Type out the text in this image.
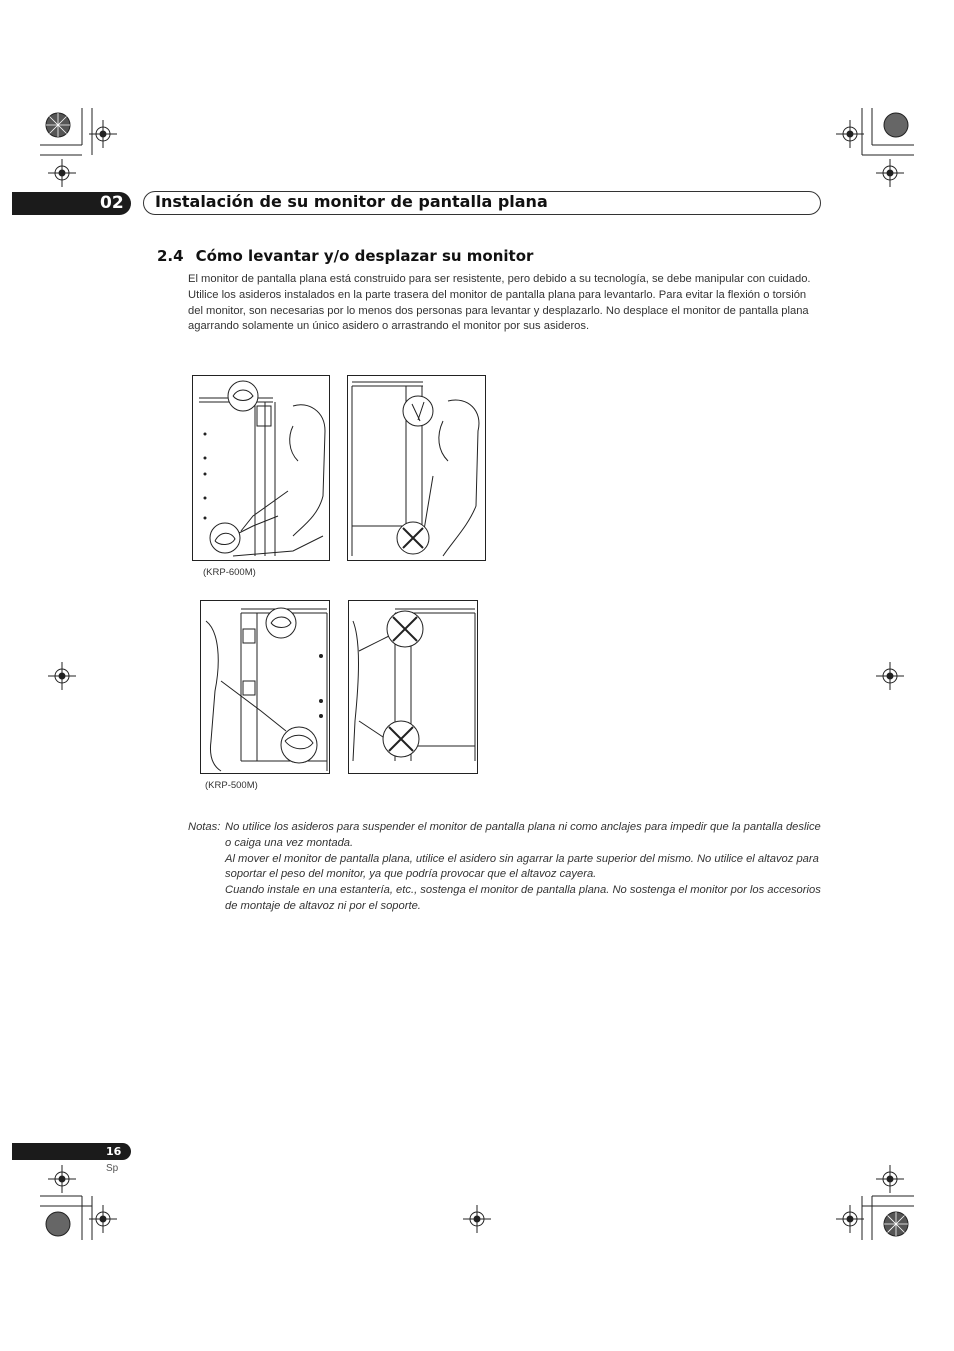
02 Instalación de su monitor de pantalla plana
2.4 Cómo levantar y/o desplazar su monitor
El monitor de pantalla plana está construido para ser resistente, pero debido a su tecnología, se debe manipular con cuidado. Utilice los asideros instalados en la parte trasera del monitor de pantalla plana para levantarlo. Para evitar la flexión o torsión del monitor, son necesarias por lo menos dos personas para levantar y desplazarlo. No desplace el monitor de pantalla plana agarrando solamente un único asidero o arrastrando el monitor por sus asideros.
(KRP-600M)
(KRP-500M)
Notas: No utilice los asideros para suspender el monitor de pantalla plana ni como anclajes para impedir que la pantalla deslice o caiga una vez montada.
Al mover el monitor de pantalla plana, utilice el asidero sin agarrar la parte superior del mismo. No utilice el altavoz para soportar el peso del monitor, ya que podría provocar que el altavoz cayera.
Cuando instale en una estantería, etc., sostenga el monitor de pantalla plana. No sostenga el monitor por los accesorios de montaje de altavoz ni por el soporte.
16
Sp
